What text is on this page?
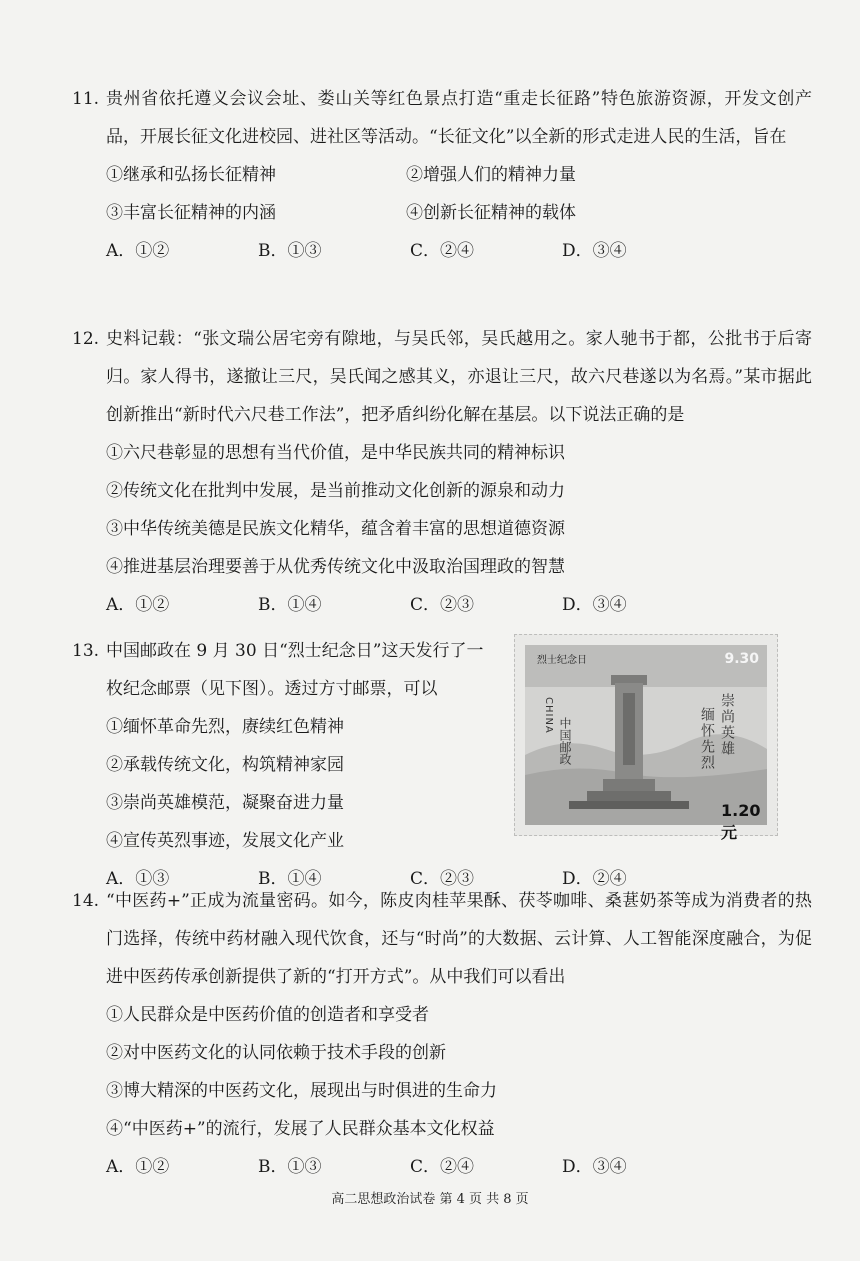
11. 贵州省依托遵义会议会址、娄山关等红色景点打造“重走长征路”特色旅游资源，开发文创产品，开展长征文化进校园、进社区等活动。“长征文化”以全新的形式走进人民的生活，旨在
①继承和弘扬长征精神	②增强人们的精神力量
③丰富长征精神的内涵	④创新长征精神的载体
A．①②	B．①③	C．②④	D．③④
12. 史料记载：“张文瑞公居宅旁有隙地，与吴氏邻，吴氏越用之。家人驰书于都，公批书于后寄归。家人得书，遂撤让三尺，吴氏闻之感其义，亦退让三尺，故六尺巷遂以为名焉。”某市据此创新推出“新时代六尺巷工作法”，把矛盾纠纷化解在基层。以下说法正确的是
①六尺巷彰显的思想有当代价值，是中华民族共同的精神标识
②传统文化在批判中发展，是当前推动文化创新的源泉和动力
③中华传统美德是民族文化精华，蕴含着丰富的思想道德资源
④推进基层治理要善于从优秀传统文化中汲取治国理政的智慧
A．①②	B．①④	C．②③	D．③④
13. 中国邮政在 9 月 30 日“烈士纪念日”这天发行了一
枚纪念邮票（见下图）。透过方寸邮票，可以
①缅怀革命先烈，赓续红色精神
②承载传统文化，构筑精神家园
③崇尚英雄模范，凝聚奋进力量
④宣传英烈事迹，发展文化产业
A．①③	B．①④	C．②③	D．②④
烈士纪念日	9.30
CHINA
中国邮政	崇尚英雄
缅怀先烈
1.20元
14. “中医药+”正成为流量密码。如今，陈皮肉桂苹果酥、茯苓咖啡、桑葚奶茶等成为消费者的热门选择，传统中药材融入现代饮食，还与“时尚”的大数据、云计算、人工智能深度融合，为促进中医药传承创新提供了新的“打开方式”。从中我们可以看出
①人民群众是中医药价值的创造者和享受者
②对中医药文化的认同依赖于技术手段的创新
③博大精深的中医药文化，展现出与时俱进的生命力
④“中医药+”的流行，发展了人民群众基本文化权益
A．①②	B．①③	C．②④	D．③④
高二思想政治试卷 第 4 页 共 8 页
